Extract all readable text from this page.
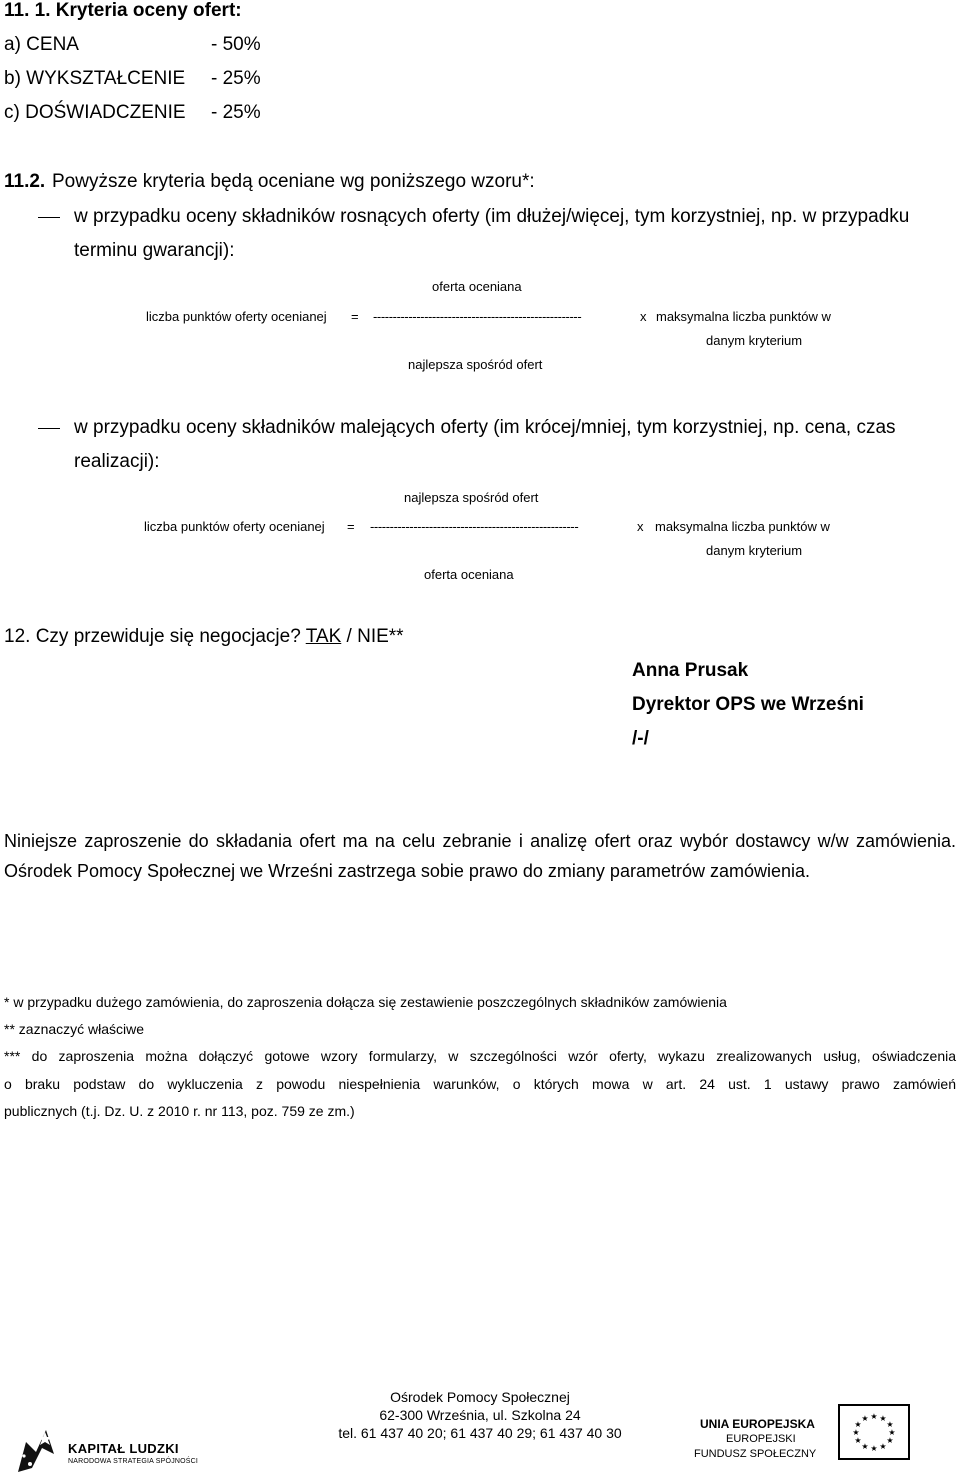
11. 1. Kryteria oceny ofert:
a) CENA	- 50%
b) WYKSZTAŁCENIE - 25%
c) DOŚWIADCZENIE - 25%
11.2. Powyższe kryteria będą oceniane wg poniższego wzoru*:
w przypadku oceny składników rosnących oferty (im dłużej/więcej, tym korzystniej, np. w przypadku
terminu gwarancji):
oferta oceniana
liczba punktów oferty ocenianej = -----------------------------------------------------	x maksymalna liczba punktów w
danym kryterium
najlepsza spośród ofert
w przypadku oceny składników malejących oferty (im krócej/mniej, tym korzystniej, np. cena, czas
realizacji):
najlepsza spośród ofert
liczba punktów oferty ocenianej = -----------------------------------------------------	x maksymalna liczba punktów w
danym kryterium
oferta oceniana
12. Czy przewiduje się negocjacje? TAK / NIE**
Anna Prusak
Dyrektor OPS we Wrześni
/-/
Niniejsze zaproszenie do składania ofert ma na celu zebranie i analizę ofert oraz wybór dostawcy w/w zamówienia.
Ośrodek Pomocy Społecznej we Wrześni zastrzega sobie prawo do zmiany parametrów zamówienia.
* w przypadku dużego zamówienia, do zaproszenia dołącza się zestawienie poszczególnych składników zamówienia
** zaznaczyć właściwe
*** do zaproszenia można dołączyć gotowe wzory formularzy, w szczególności wzór oferty, wykazu zrealizowanych usług, oświadczenia
o braku podstaw do wykluczenia z powodu niespełnienia warunków, o których mowa w art. 24 ust. 1 ustawy prawo zamówień
publicznych (t.j. Dz. U. z 2010 r. nr 113, poz. 759 ze zm.)
Ośrodek Pomocy Społecznej
62-300 Września, ul. Szkolna 24
tel. 61 437 40 20; 61 437 40 29; 61 437 40 30
KAPITAŁ LUDZKI
NARODOWA STRATEGIA SPÓJNOŚCI
UNIA EUROPEJSKA
EUROPEJSKI
FUNDUSZ SPOŁECZNY
★ ★
★
★
★
★
★
★
★
★
★
★
